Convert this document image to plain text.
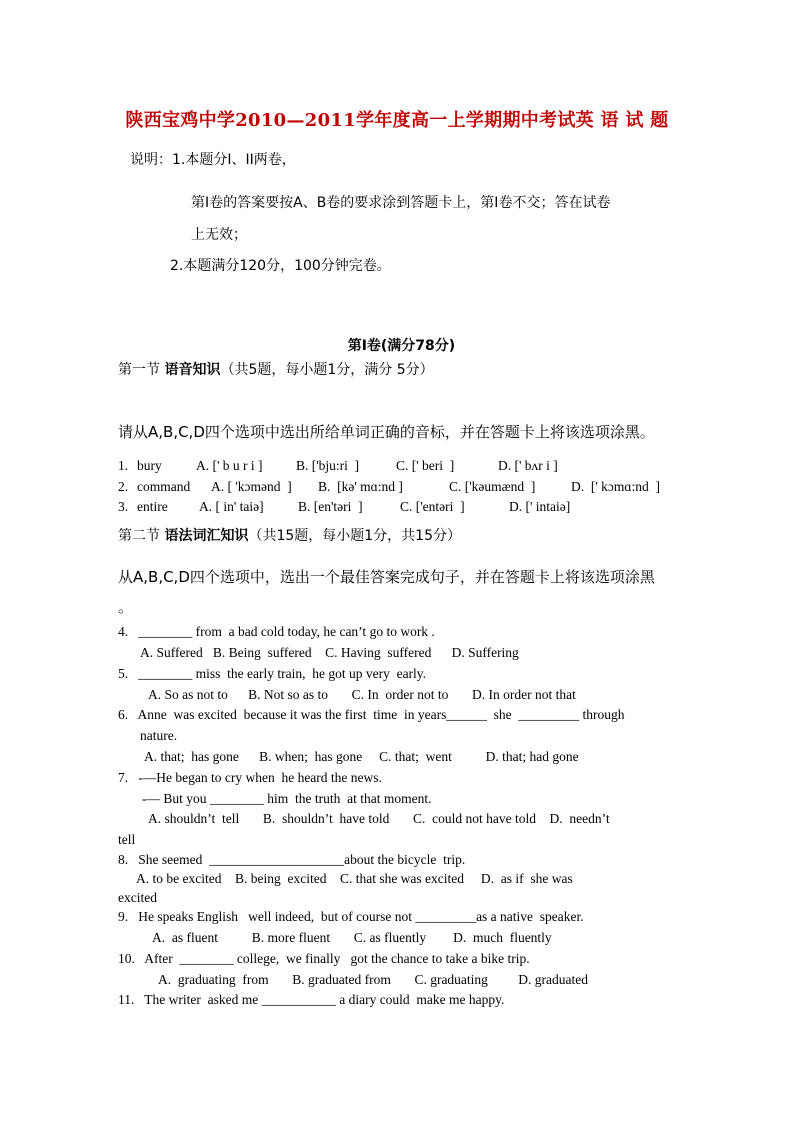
陕西宝鸡中学2010—2011学年度高一上学期期中考试英 语 试 题
说明：1.本题分I、II两卷，
第I卷的答案要按A、B卷的要求涂到答题卡上，第I卷不交；答在试卷
上无效；
2.本题满分120分，100分钟完卷。

第I卷(满分78分)

第一节 语音知识（共5题，每小题1分，满分 5分）
请从A,B,C,D四个选项中选出所给单词正确的音标，并在答题卡上将该选项涂黑。
1. bury	A. [' b u r i ] B. ['bju:ri  ]	C. [' beri  ]	D. [' bʌr i ]
2. command A. [ 'kɔmənd  ] B.  [kə' mɑ:nd ]	C. ['kəumænd  ]	D.  [' kɔmɑ:nd  ]
3. entire A. [ in' taiə]	B. [en'təri  ]	C. ['entəri  ]	D. [' intaiə]
第二节 语法词汇知识（共15题，每小题1分，共15分）
从A,B,C,D四个选项中，选出一个最佳答案完成句子，并在答题卡上将该选项涂黑
。
4.   ________ from  a bad cold today, he can’t go to work .
A. Suffered   B. Being  suffered    C. Having  suffered      D. Suffering
5.   ________ miss  the early train,  he got up very  early.
A. So as not to      B. Not so as to       C. In  order not to       D. In order not that
6.   Anne  was excited  because it was the first  time  in years______  she  _________ through
nature.
A. that;  has gone      B. when;  has gone     C. that;  went          D. that; had gone
7.   -—He began to cry when  he heard the news.
-— But you ________ him  the truth  at that moment.
A. shouldn’t  tell       B.  shouldn’t  have told       C.  could not have told    D.  needn’t
tell
8.   She seemed  ____________________about the bicycle  trip.
A. to be excited    B. being  excited    C. that she was excited     D.  as if  she was
excited
9.   He speaks English   well indeed,  but of course not _________as a native  speaker.
A.  as fluent          B. more fluent       C. as fluently        D.  much  fluently
10.   After  ________ college,  we finally   got the chance to take a bike trip.
A.  graduating  from       B. graduated from       C. graduating         D. graduated
11.   The writer  asked me ___________ a diary could  make me happy.
